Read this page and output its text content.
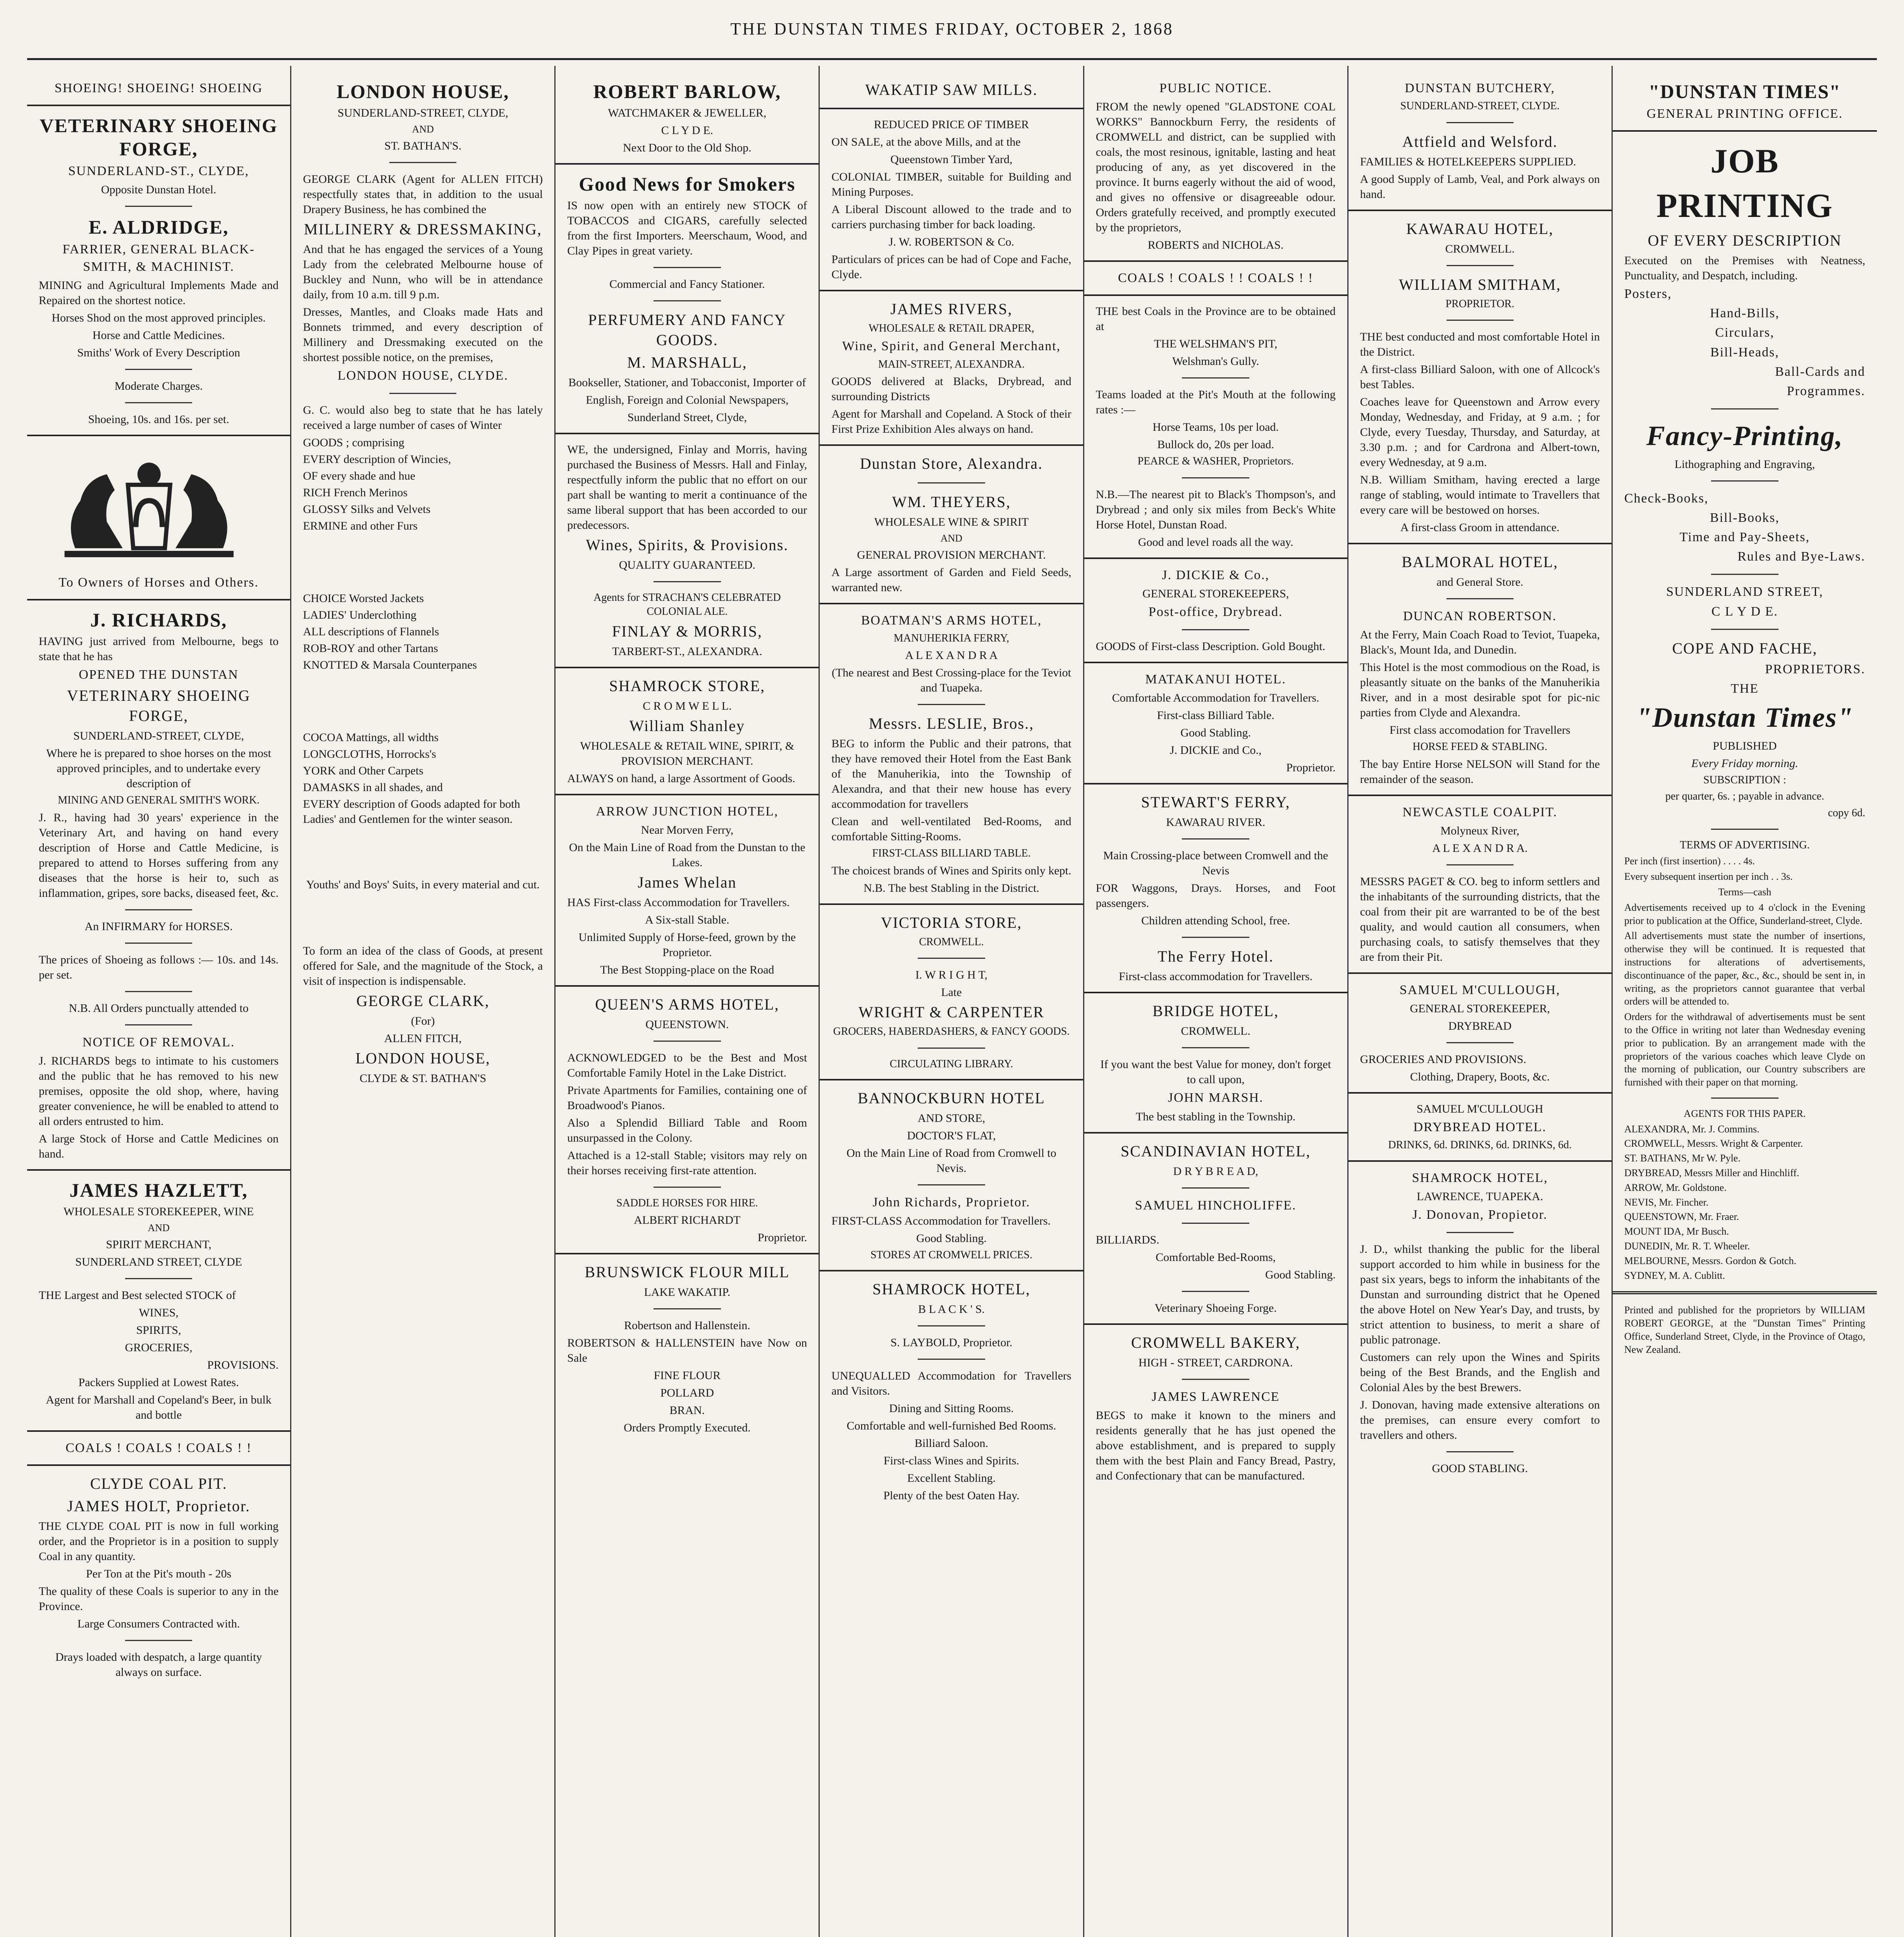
THE DUNSTAN TIMES FRIDAY, OCTOBER 2, 1868

SHOEING! SHOEING! SHOEING

VETERINARY SHOEING FORGE,

SUNDERLAND-ST., CLYDE,

Opposite Dunstan Hotel.

E. ALDRIDGE,

FARRIER, GENERAL BLACK-SMITH, & MACHINIST.

MINING and Agricultural Implements Made and Repaired on the shortest notice.

Horses Shod on the most approved principles.

Horse and Cattle Medicines.

Smiths' Work of Every Description

Moderate Charges.

Shoeing, 10s. and 16s. per set.

To Owners of Horses and Others.

J. RICHARDS,

HAVING just arrived from Melbourne, begs to state that he has

OPENED THE DUNSTAN

VETERINARY SHOEING FORGE,

SUNDERLAND-STREET, CLYDE,

Where he is prepared to shoe horses on the most approved principles, and to undertake every description of

MINING AND GENERAL SMITH'S WORK.

J. R., having had 30 years' experience in the Veterinary Art, and having on hand every description of Horse and Cattle Medicine, is prepared to attend to Horses suffering from any diseases that the horse is heir to, such as inflammation, gripes, sore backs, diseased feet, &c.

An INFIRMARY for HORSES.

The prices of Shoeing as follows :— 10s. and 14s. per set.

N.B. All Orders punctually attended to

NOTICE OF REMOVAL.

J. RICHARDS begs to intimate to his customers and the public that he has removed to his new premises, opposite the old shop, where, having greater convenience, he will be enabled to attend to all orders entrusted to him.

A large Stock of Horse and Cattle Medicines on hand.

JAMES HAZLETT,

WHOLESALE STOREKEEPER, WINE

AND

SPIRIT MERCHANT,

SUNDERLAND STREET, CLYDE

THE Largest and Best selected STOCK of

WINES,

SPIRITS,

GROCERIES,

PROVISIONS.

Packers Supplied at Lowest Rates.

Agent for Marshall and Copeland's Beer, in bulk and bottle

COALS ! COALS ! COALS ! !

CLYDE COAL PIT.

JAMES HOLT, Proprietor.

THE CLYDE COAL PIT is now in full working order, and the Proprietor is in a position to supply Coal in any quantity.

Per Ton at the Pit's mouth - 20s

The quality of these Coals is superior to any in the Province.

Large Consumers Contracted with.

Drays loaded with despatch, a large quantity always on surface.

LONDON HOUSE,

SUNDERLAND-STREET, CLYDE,

AND

ST. BATHAN'S.

GEORGE CLARK (Agent for ALLEN FITCH) respectfully states that, in addition to the usual Drapery Business, he has combined the

MILLINERY & DRESSMAKING,

And that he has engaged the services of a Young Lady from the celebrated Melbourne house of Buckley and Nunn, who will be in attendance daily, from 10 a.m. till 9 p.m.

Dresses, Mantles, and Cloaks made Hats and Bonnets trimmed, and every description of Millinery and Dressmaking executed on the shortest possible notice, on the premises,

LONDON HOUSE, CLYDE.

G. C. would also beg to state that he has lately received a large number of cases of Winter

GOODS ; comprising

EVERY description of Wincies,

OF every shade and hue

RICH French Merinos

GLOSSY Silks and Velvets

ERMINE and other Furs

CHOICE Worsted Jackets

LADIES' Underclothing

ALL descriptions of Flannels

ROB-ROY and other Tartans

KNOTTED & Marsala Counterpanes

COCOA Mattings, all widths

LONGCLOTHS, Horrocks's

YORK and Other Carpets

DAMASKS in all shades, and

EVERY description of Goods adapted for both Ladies' and Gentlemen for the winter season.

Youths' and Boys' Suits, in every material and cut.

To form an idea of the class of Goods, at present offered for Sale, and the magnitude of the Stock, a visit of inspection is indispensable.

GEORGE CLARK,

(For)

ALLEN FITCH,

LONDON HOUSE,

CLYDE & ST. BATHAN'S

ROBERT BARLOW,

WATCHMAKER & JEWELLER,

C L Y D E.

Next Door to the Old Shop.

Good News for Smokers

IS now open with an entirely new STOCK of TOBACCOS and CIGARS, carefully selected from the first Importers. Meerschaum, Wood, and Clay Pipes in great variety.

Commercial and Fancy Stationer.

PERFUMERY AND FANCY GOODS.

M. MARSHALL,

Bookseller, Stationer, and Tobacconist, Importer of

English, Foreign and Colonial Newspapers,

Sunderland Street, Clyde,

WE, the undersigned, Finlay and Morris, having purchased the Business of Messrs. Hall and Finlay, respectfully inform the public that no effort on our part shall be wanting to merit a continuance of the same liberal support that has been accorded to our predecessors.

Wines, Spirits, & Provisions.

QUALITY GUARANTEED.

Agents for STRACHAN'S CELEBRATED COLONIAL ALE.

FINLAY & MORRIS,

TARBERT-ST., ALEXANDRA.

SHAMROCK STORE,

C R O M W E L L.

William Shanley

WHOLESALE & RETAIL WINE, SPIRIT, & PROVISION MERCHANT.

ALWAYS on hand, a large Assortment of Goods.

ARROW JUNCTION HOTEL,

Near Morven Ferry,

On the Main Line of Road from the Dunstan to the Lakes.

James Whelan

HAS First-class Accommodation for Travellers.

A Six-stall Stable.

Unlimited Supply of Horse-feed, grown by the Proprietor.

The Best Stopping-place on the Road

QUEEN'S ARMS HOTEL,

QUEENSTOWN.

ACKNOWLEDGED to be the Best and Most Comfortable Family Hotel in the Lake District.

Private Apartments for Families, containing one of Broadwood's Pianos.

Also a Splendid Billiard Table and Room unsurpassed in the Colony.

Attached is a 12-stall Stable; visitors may rely on their horses receiving first-rate attention.

SADDLE HORSES FOR HIRE.

ALBERT RICHARDT

Proprietor.

BRUNSWICK FLOUR MILL

LAKE WAKATIP.

Robertson and Hallenstein.

ROBERTSON & HALLENSTEIN have Now on Sale

FINE FLOUR

POLLARD

BRAN.

Orders Promptly Executed.

WAKATIP SAW MILLS.

REDUCED PRICE OF TIMBER

ON SALE, at the above Mills, and at the

Queenstown Timber Yard,

COLONIAL TIMBER, suitable for Building and Mining Purposes.

A Liberal Discount allowed to the trade and to carriers purchasing timber for back loading.

J. W. ROBERTSON & Co.

Particulars of prices can be had of Cope and Fache, Clyde.

JAMES RIVERS,

WHOLESALE & RETAIL DRAPER,

Wine, Spirit, and General Merchant,

MAIN-STREET, ALEXANDRA.

GOODS delivered at Blacks, Drybread, and surrounding Districts

Agent for Marshall and Copeland. A Stock of their First Prize Exhibition Ales always on hand.

Dunstan Store, Alexandra.

WM. THEYERS,

WHOLESALE WINE & SPIRIT

AND

GENERAL PROVISION MERCHANT.

A Large assortment of Garden and Field Seeds, warranted new.

BOATMAN'S ARMS HOTEL,

MANUHERIKIA FERRY,

A L E X A N D R A

(The nearest and Best Crossing-place for the Teviot and Tuapeka.

Messrs. LESLIE, Bros.,

BEG to inform the Public and their patrons, that they have removed their Hotel from the East Bank of the Manuherikia, into the Township of Alexandra, and that their new house has every accommodation for travellers

Clean and well-ventilated Bed-Rooms, and comfortable Sitting-Rooms.

FIRST-CLASS BILLIARD TABLE.

The choicest brands of Wines and Spirits only kept.

N.B. The best Stabling in the District.

VICTORIA STORE,

CROMWELL.

I. W R I G H T,

Late

WRIGHT & CARPENTER

GROCERS, HABERDASHERS, & FANCY GOODS.

CIRCULATING LIBRARY.

BANNOCKBURN HOTEL

AND STORE,

DOCTOR'S FLAT,

On the Main Line of Road from Cromwell to Nevis.

John Richards, Proprietor.

FIRST-CLASS Accommodation for Travellers.

Good Stabling.

STORES AT CROMWELL PRICES.

SHAMROCK HOTEL,

B L A C K ' S.

S. LAYBOLD, Proprietor.

UNEQUALLED Accommodation for Travellers and Visitors.

Dining and Sitting Rooms.

Comfortable and well-furnished Bed Rooms.

Billiard Saloon.

First-class Wines and Spirits.

Excellent Stabling.

Plenty of the best Oaten Hay.

PUBLIC NOTICE.

FROM the newly opened "GLADSTONE COAL WORKS" Bannockburn Ferry, the residents of CROMWELL and district, can be supplied with coals, the most resinous, ignitable, lasting and heat producing of any, as yet discovered in the province. It burns eagerly without the aid of wood, and gives no offensive or disagreeable odour. Orders gratefully received, and promptly executed by the proprietors,

ROBERTS and NICHOLAS.

COALS ! COALS ! ! COALS ! !

THE best Coals in the Province are to be obtained at

THE WELSHMAN'S PIT,

Welshman's Gully.

Teams loaded at the Pit's Mouth at the following rates :—

Horse Teams, 10s per load.

Bullock do, 20s per load.

PEARCE & WASHER, Proprietors.

N.B.—The nearest pit to Black's Thompson's, and Drybread ; and only six miles from Beck's White Horse Hotel, Dunstan Road.

Good and level roads all the way.

J. DICKIE & Co.,

GENERAL STOREKEEPERS,

Post-office, Drybread.

GOODS of First-class Description. Gold Bought.

MATAKANUI HOTEL.

Comfortable Accommodation for Travellers.

First-class Billiard Table.

Good Stabling.

J. DICKIE and Co.,

Proprietor.

STEWART'S FERRY,

KAWARAU RIVER.

Main Crossing-place between Cromwell and the Nevis

FOR Waggons, Drays. Horses, and Foot passengers.

Children attending School, free.

The Ferry Hotel.

First-class accommodation for Travellers.

BRIDGE HOTEL,

CROMWELL.

If you want the best Value for money, don't forget to call upon,

JOHN MARSH.

The best stabling in the Township.

SCANDINAVIAN HOTEL,

D R Y B R E A D,

SAMUEL HINCHOLIFFE.

BILLIARDS.

Comfortable Bed-Rooms,

Good Stabling.

Veterinary Shoeing Forge.

CROMWELL BAKERY,

HIGH - STREET, CARDRONA.

JAMES LAWRENCE

BEGS to make it known to the miners and residents generally that he has just opened the above establishment, and is prepared to supply them with the best Plain and Fancy Bread, Pastry, and Confectionary that can be manufactured.

DUNSTAN BUTCHERY,

SUNDERLAND-STREET, CLYDE.

Attfield and Welsford.

FAMILIES & HOTELKEEPERS SUPPLIED.

A good Supply of Lamb, Veal, and Pork always on hand.

KAWARAU HOTEL,

CROMWELL.

WILLIAM SMITHAM,

PROPRIETOR.

THE best conducted and most comfortable Hotel in the District.

A first-class Billiard Saloon, with one of Allcock's best Tables.

Coaches leave for Queenstown and Arrow every Monday, Wednesday, and Friday, at 9 a.m. ; for Clyde, every Tuesday, Thursday, and Saturday, at 3.30 p.m. ; and for Cardrona and Albert-town, every Wednesday, at 9 a.m.

N.B. William Smitham, having erected a large range of stabling, would intimate to Travellers that every care will be bestowed on horses.

A first-class Groom in attendance.

BALMORAL HOTEL,

and General Store.

DUNCAN ROBERTSON.

At the Ferry, Main Coach Road to Teviot, Tuapeka, Black's, Mount Ida, and Dunedin.

This Hotel is the most commodious on the Road, is pleasantly situate on the banks of the Manuherikia River, and in a most desirable spot for pic-nic parties from Clyde and Alexandra.

First class accomodation for Travellers

HORSE FEED & STABLING.

The bay Entire Horse NELSON will Stand for the remainder of the season.

NEWCASTLE COALPIT.

Molyneux River,

A L E X A N D R A.

MESSRS PAGET & CO. beg to inform settlers and the inhabitants of the surrounding districts, that the coal from their pit are warranted to be of the best quality, and would caution all consumers, when purchasing coals, to satisfy themselves that they are from their Pit.

SAMUEL M'CULLOUGH,

GENERAL STOREKEEPER,

DRYBREAD

GROCERIES AND PROVISIONS.

Clothing, Drapery, Boots, &c.

SAMUEL M'CULLOUGH

DRYBREAD HOTEL.

DRINKS, 6d. DRINKS, 6d. DRINKS, 6d.

SHAMROCK HOTEL,

LAWRENCE, TUAPEKA.

J. Donovan, Propietor.

J. D., whilst thanking the public for the liberal support accorded to him while in business for the past six years, begs to inform the inhabitants of the Dunstan and surrounding district that he Opened the above Hotel on New Year's Day, and trusts, by strict attention to business, to merit a share of public patronage.

Customers can rely upon the Wines and Spirits being of the Best Brands, and the English and Colonial Ales by the best Brewers.

J. Donovan, having made extensive alterations on the premises, can ensure every comfort to travellers and others.

GOOD STABLING.

"DUNSTAN TIMES"

GENERAL PRINTING OFFICE.

JOB PRINTING

OF EVERY DESCRIPTION

Executed on the Premises with Neatness, Punctuality, and Despatch, including.

Posters,

Hand-Bills,

Circulars,

Bill-Heads,

Ball-Cards and

Programmes.

Fancy-Printing,

Lithographing and Engraving,

Check-Books,

Bill-Books,

Time and Pay-Sheets,

Rules and Bye-Laws.

SUNDERLAND STREET,

C L Y D E.

COPE AND FACHE,

PROPRIETORS.

THE

"Dunstan Times"

PUBLISHED

Every Friday morning.

SUBSCRIPTION :

per quarter, 6s. ; payable in advance.

copy 6d.

TERMS OF ADVERTISING.

Per inch (first insertion) . . . . 4s.

Every subsequent insertion per inch . . 3s.

Terms—cash

Advertisements received up to 4 o'clock in the Evening prior to publication at the Office, Sunderland-street, Clyde.

All advertisements must state the number of insertions, otherwise they will be continued. It is requested that instructions for alterations of advertisements, discontinuance of the paper, &c., &c., should be sent in, in writing, as the proprietors cannot guarantee that verbal orders will be attended to.

Orders for the withdrawal of advertisements must be sent to the Office in writing not later than Wednesday evening prior to publication. By an arrangement made with the proprietors of the various coaches which leave Clyde on the morning of publication, our Country subscribers are furnished with their paper on that morning.

AGENTS FOR THIS PAPER.

ALEXANDRA, Mr. J. Commins.

CROMWELL, Messrs. Wright & Carpenter.

ST. BATHANS, Mr W. Pyle.

DRYBREAD, Messrs Miller and Hinchliff.

ARROW, Mr. Goldstone.

NEVIS, Mr. Fincher.

QUEENSTOWN, Mr. Fraer.

MOUNT IDA, Mr Busch.

DUNEDIN, Mr. R. T. Wheeler.

MELBOURNE, Messrs. Gordon & Gotch.

SYDNEY, M. A. Cublitt.

Printed and published for the proprietors by WILLIAM ROBERT GEORGE, at the "Dunstan Times" Printing Office, Sunderland Street, Clyde, in the Province of Otago, New Zealand.
